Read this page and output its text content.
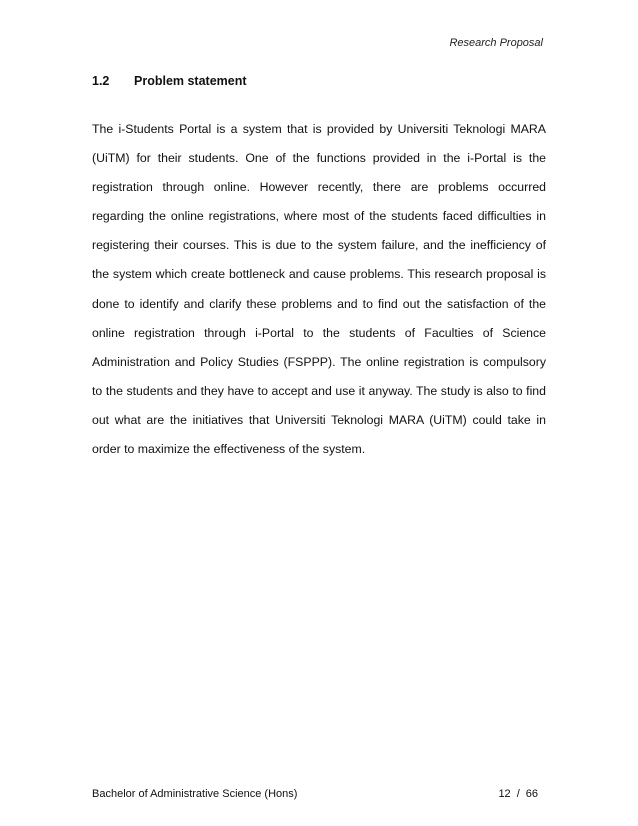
Research Proposal
1.2 Problem statement

The i-Students Portal is a system that is provided by Universiti Teknologi MARA (UiTM) for their students. One of the functions provided in the i-Portal is the registration through online. However recently, there are problems occurred regarding the online registrations, where most of the students faced difficulties in registering their courses. This is due to the system failure, and the inefficiency of the system which create bottleneck and cause problems. This research proposal is done to identify and clarify these problems and to find out the satisfaction of the online registration through i-Portal to the students of Faculties of Science Administration and Policy Studies (FSPPP). The online registration is compulsory to the students and they have to accept and use it anyway. The study is also to find out what are the initiatives that Universiti Teknologi MARA (UiTM) could take in order to maximize the effectiveness of the system.

Bachelor of Administrative Science (Hons)	12 / 66
